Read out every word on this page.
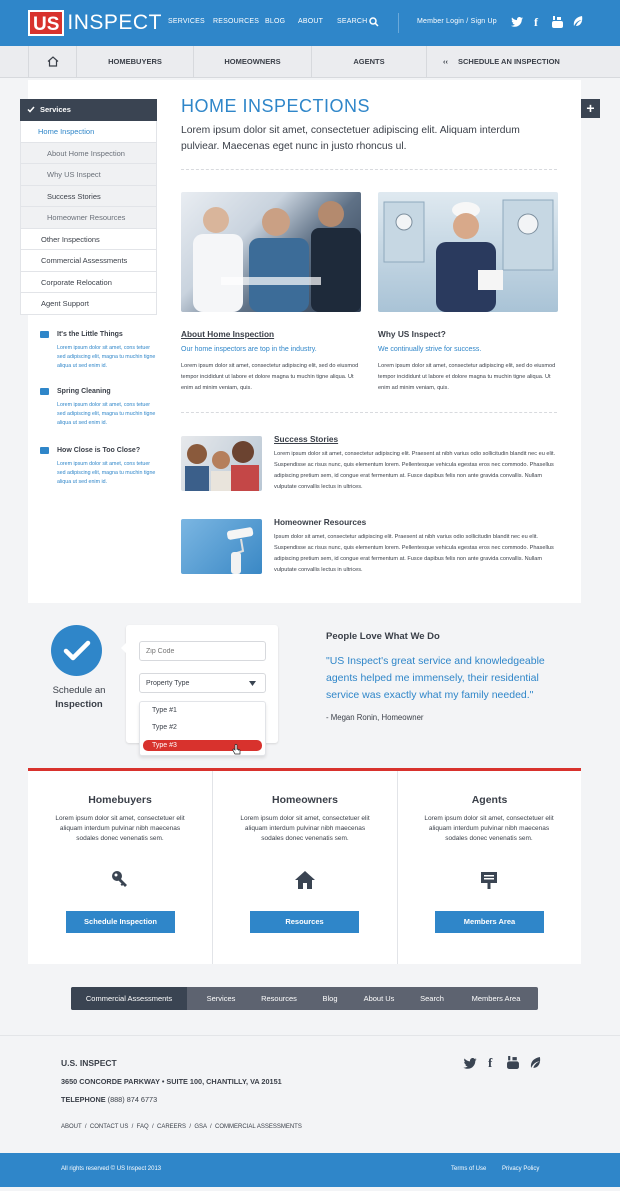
US INSPECT SERVICES RESOURCES BLOG ABOUT SEARCH	Member Login / Sign Up	f
HOMEBUYERS	HOMEOWNERS	AGENTS	‹‹ SCHEDULE AN INSPECTION
+
Services
Home Inspection
About Home Inspection
Why US Inspect
Success Stories
Homeowner Resources
Other Inspections
Commercial Assessments
Corporate Relocation
Agent Support
It's the Little Things
Lorem ipsum dolor sit amet, cons tetuer sed adipiscing elit, magna tu muchin tigne aliqua ut sed enim id.
Spring Cleaning
Lorem ipsum dolor sit amet, cons tetuer sed adipiscing elit, magna tu muchin tigne aliqua ut sed enim id.
How Close is Too Close?
Lorem ipsum dolor sit amet, cons tetuer sed adipiscing elit, magna tu muchin tigne aliqua ut sed enim id.
HOME INSPECTIONS

Lorem ipsum dolor sit amet, consectetuer adipiscing elit. Aliquam interdum pulviear. Maecenas eget nunc in justo rhoncus ul.

About Home Inspection
Our home inspectors are top in the industry.

Lorem ipsum dolor sit amet, consectetur adipiscing elit, sed do eiusmod tempor incididunt ut labore et dolore magna tu muchin tigne aliqua. Ut enim ad minim veniam, quis.

Why US Inspect?
We continually strive for success.

Lorem ipsum dolor sit amet, consectetur adipiscing elit, sed do eiusmod tempor incididunt ut labore et dolore magna tu muchin tigne aliqua. Ut enim ad minim veniam, quis.

Success Stories

Lorem ipsum dolor sit amet, consectetur adipiscing elit. Praesent at nibh varius odio sollicitudin blandit nec eu elit. Suspendisse ac risus nunc, quis elementum lorem. Pellentesque vehicula egestas eros nec commodo. Phasellus adipiscing pretium sem, id congue erat fermentum at. Fusce dapibus felis non ante gravida convallis. Nullam vulputate convallis lectus in ultrices.

Homeowner Resources

Ipsum dolor sit amet, consectetur adipiscing elit. Praesent at nibh varius odio sollicitudin blandit nec eu elit. Suspendisse ac risus nunc, quis elementum lorem. Pellentesque vehicula egestas eros nec commodo. Phasellus adipiscing pretium sem, id congue erat fermentum at. Fusce dapibus felis non ante gravida convallis. Nullam vulputate convallis lectus in ultrices.

Schedule an
Inspection
Zip Code
Property Type
Type #1
Type #2
Type #3
People Love What We Do

"US Inspect's great service and knowledgeable agents helped me immensely, their residential service was exactly what my family needed."

- Megan Ronin, Homeowner
Homebuyers

Lorem ipsum dolor sit amet, consectetuer elit aliquam interdum pulvinar nibh maecenas sodales donec venenatis sem.

Schedule Inspection
Homeowners

Lorem ipsum dolor sit amet, consectetuer elit aliquam interdum pulvinar nibh maecenas sodales donec venenatis sem.

Resources
Agents

Lorem ipsum dolor sit amet, consectetuer elit aliquam interdum pulvinar nibh maecenas sodales donec venenatis sem.

Members Area
Commercial Assessments	Services	Resources	Blog	About Us	Search	Members Area
U.S. INSPECT
3650 CONCORDE PARKWAY • SUITE 100, CHANTILLY, VA 20151
TELEPHONE (888) 874 6773
ABOUT  /  CONTACT US  /  FAQ  /  CAREERS  /  GSA  /  COMMERCIAL ASSESSMENTS
f
All rights reserved © US Inspect 2013	Terms of Use	Privacy Policy
